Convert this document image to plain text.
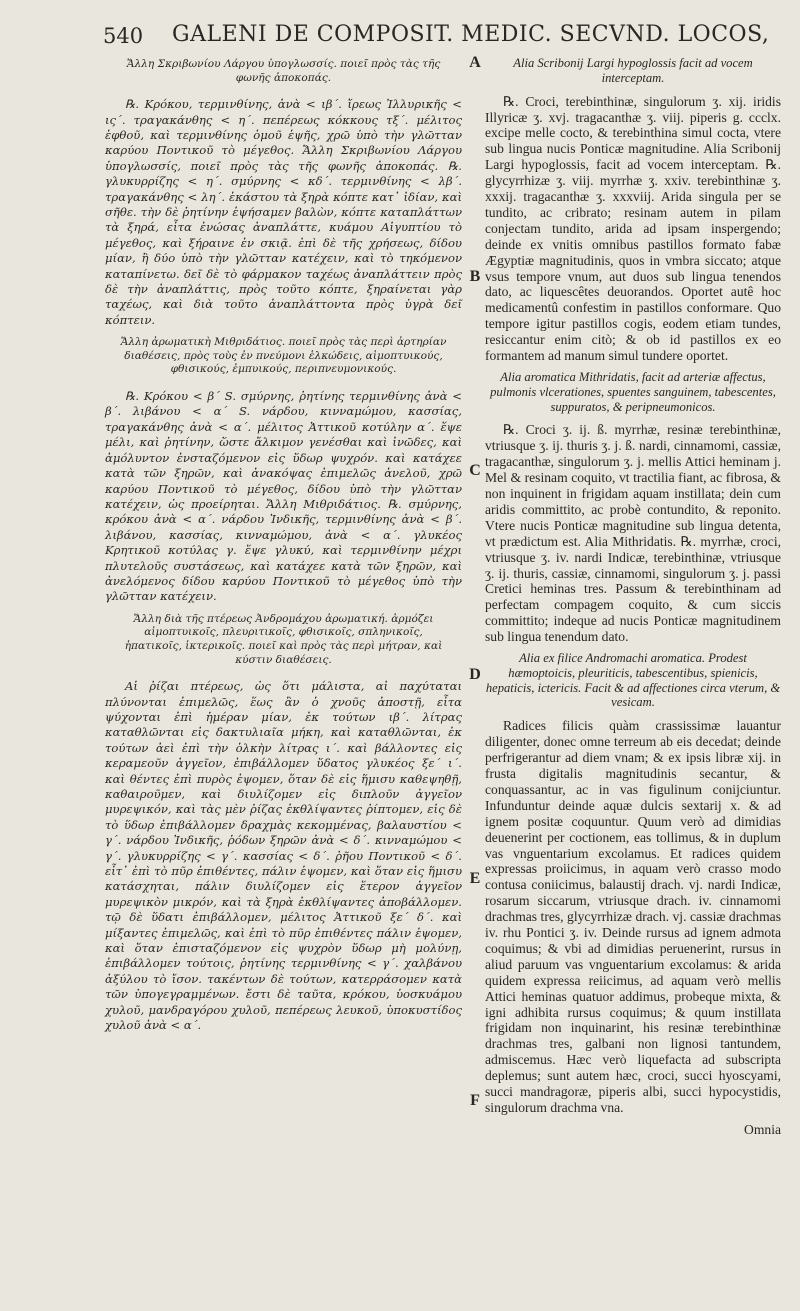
540 GALENI DE COMPOSIT. MEDIC. SECVND. LOCOS,
A
B
C
D
E
F
Ἄλλη Σκριβωνίου Λάργου ὑπογλωσσίς. ποιεῖ πρὸς τὰς τῆς φωνῆς ἀποκοπάς.
℞. Κρόκου, τερμινθίνης, ἀνὰ < ιβ΄. ἴρεως Ἰλλυρικῆς < ις΄. τραγακάνθης < η΄. πεπέρεως κόκκους τξ΄. μέλιτος ἑφθοῦ, καὶ τερμινθίνης ὁμοῦ ἑψῆς, χρῶ ὑπὸ τὴν γλῶτταν καρύου Ποντικοῦ τὸ μέγεθος. Ἄλλη Σκριβωνίου Λάργου ὑπογλωσσίς, ποιεῖ πρὸς τὰς τῆς φωνῆς ἀποκοπάς. ℞. γλυκυρρίζης < η΄. σμύρνης < κδ΄. τερμινθίνης < λβ΄. τραγακάνθης < λη΄. ἑκάστου τὰ ξηρὰ κόπτε κατ᾽ ἰδίαν, καὶ σῆθε. τὴν δὲ ῥητίνην ἑψήσαμεν βαλὼν, κόπτε καταπλάττων τὰ ξηρά, εἶτα ἐνώσας ἀναπλάττε, κυάμου Αἰγυπτίου τὸ μέγεθος, καὶ ξήραινε ἐν σκιᾷ. ἐπὶ δὲ τῆς χρήσεως, δίδου μίαν, ἢ δύο ὑπὸ τὴν γλῶτταν κατέχειν, καὶ τὸ τηκόμενον καταπίνετω. δεῖ δὲ τὸ φάρμακον ταχέως ἀναπλάττειν πρὸς δὲ τὴν ἀναπλάττις, πρὸς τοῦτο κόπτε, ξηραίνεται γὰρ ταχέως, καὶ διὰ τοῦτο ἀναπλάττοντα πρὸς ὑγρὰ δεῖ κόπτειν.
Ἄλλη ἀρωματικὴ Μιθριδάτιος. ποιεῖ πρὸς τὰς περὶ ἀρτηρίαν διαθέσεις, πρὸς τοὺς ἐν πνεύμονι ἑλκώδεις, αἱμοπτυικούς, φθισικούς, ἐμπυικούς, περιπνευμονικούς.
℞. Κρόκου < β΄ S. σμύρνης, ῥητίνης τερμινθίνης ἀνὰ < β΄. λιβάνου < α΄ S. νάρδου, κινναμώμου, κασσίας, τραγακάνθης ἀνὰ < α΄. μέλιτος Ἀττικοῦ κοτύλην α΄. ἕψε μέλι, καὶ ῥητίνην, ὥστε ἄλκιμον γενέσθαι καὶ ἰνῶδες, καὶ ἀμόλυντον ἐνσταζόμενον εἰς ὕδωρ ψυχρόν. καὶ κατάχεε κατὰ τῶν ξηρῶν, καὶ ἀνακόψας ἐπιμελῶς ἀνελοῦ, χρῶ καρύου Ποντικοῦ τὸ μέγεθος, δίδου ὑπὸ τὴν γλῶτταν κατέχειν, ὡς προείρηται. Ἄλλη Μιθριδάτιος. ℞. σμύρνης, κρόκου ἀνὰ < α΄. νάρδου Ἰνδικῆς, τερμινθίνης ἀνὰ < β΄. λιβάνου, κασσίας, κινναμώμου, ἀνὰ < α΄. γλυκέος Κρητικοῦ κοτύλας γ. ἕψε γλυκύ, καὶ τερμινθίνην μέχρι πλυτελοῦς συστάσεως, καὶ κατάχεε κατὰ τῶν ξηρῶν, καὶ ἀνελόμενος δίδου καρύου Ποντικοῦ τὸ μέγεθος ὑπὸ τὴν γλῶτταν κατέχειν.
Ἄλλη διὰ τῆς πτέρεως Ἀνδρομάχου ἀρωματική. ἁρμόζει αἱμοπτυικοῖς, πλευριτικοῖς, φθισικοῖς, σπληνικοῖς, ἡπατικοῖς, ἰκτερικοῖς. ποιεῖ καὶ πρὸς τὰς περὶ μήτραν, καὶ κύστιν διαθέσεις.
Αἱ ῥίζαι πτέρεως, ὡς ὅτι μάλιστα, αἱ παχύταται πλύνονται ἐπιμελῶς, ἕως ἂν ὁ χνοῦς ἀποστῇ, εἶτα ψύχονται ἐπὶ ἡμέραν μίαν, ἐκ τούτων ιβ΄. λίτρας καταθλῶνται εἰς δακτυλιαῖα μήκη, καὶ καταθλῶνται, ἐκ τούτων ἀεὶ ἐπὶ τὴν ὁλκὴν λίτρας ι΄. καὶ βάλλοντες εἰς κεραμεοῦν ἀγγεῖον, ἐπιβάλλομεν ὕδατος γλυκέος ξε΄ ι΄. καὶ θέντες ἐπὶ πυρὸς ἑψομεν, ὅταν δὲ εἰς ἥμισυ καθεψηθῇ, καθαιροῦμεν, καὶ διυλίζομεν εἰς διπλοῦν ἀγγεῖον μυρεψικόν, καὶ τὰς μὲν ῥίζας ἐκθλίψαντες ῥίπτομεν, εἰς δὲ τὸ ὕδωρ ἐπιβάλλομεν δραχμὰς κεκομμένας, βαλαυστίου < γ΄. νάρδου Ἰνδικῆς, ῥόδων ξηρῶν ἀνὰ < δ΄. κινναμώμου < γ΄. γλυκυρρίζης < γ΄. κασσίας < δ΄. ῥῆου Ποντικοῦ < δ΄. εἶτ᾽ ἐπὶ τὸ πῦρ ἐπιθέντες, πάλιν ἑψομεν, καὶ ὅταν εἰς ἥμισυ κατάσχηται, πάλιν διυλίζομεν εἰς ἕτερον ἀγγεῖον μυρεψικὸν μικρόν, καὶ τὰ ξηρὰ ἐκθλίψαντες ἀποβάλλομεν. τῷ δὲ ὕδατι ἐπιβάλλομεν, μέλιτος Ἀττικοῦ ξε΄ δ΄. καὶ μίξαντες ἐπιμελῶς, καὶ ἐπὶ τὸ πῦρ ἐπιθέντες πάλιν ἑψομεν, καὶ ὅταν ἐπισταζόμενον εἰς ψυχρὸν ὕδωρ μὴ μολύνῃ, ἐπιβάλλομεν τούτοις, ῥητίνης τερμινθίνης < γ΄. χαλβάνου ἀξύλου τὸ ἴσον. τακέντων δὲ τούτων, κατερράσομεν κατὰ τῶν ὑπογεγραμμένων. ἔστι δὲ ταῦτα, κρόκου, ὑοσκυάμου χυλοῦ, μανδραγόρου χυλοῦ, πεπέρεως λευκοῦ, ὑποκυστίδος χυλοῦ ἀνὰ < α΄.
Alia Scribonij Largi hypoglossis facit ad vocem interceptam.
℞. Croci, terebinthinæ, singulorum ʒ. xij. iridis Illyricæ ʒ. xvj. tragacanthæ ʒ. viij. piperis g. ccclx. excipe melle cocto, & terebinthina simul cocta, vtere sub lingua nucis Ponticæ magnitudine. Alia Scribonij Largi hypoglossis, facit ad vocem interceptam. ℞. glycyrrhizæ ʒ. viij. myrrhæ ʒ. xxiv. terebinthinæ ʒ. xxxij. tragacanthæ ʒ. xxxviij. Arida singula per se tundito, ac cribrato; resinam autem in pilam conjectam tundito, arida ad ipsam inspergendo; deinde ex vnitis omnibus pastillos formato fabæ Ægyptiæ magnitudinis, quos in vmbra siccato; atque vsus tempore vnum, aut duos sub lingua tenendos dato, ac liquescêtes deuorandos. Oportet autê hoc medicamentû confestim in pastillos conformare. Quo tempore igitur pastillos cogis, eodem etiam tundes, resiccantur enim citò; & ob id pastillos ex eo formantem ad manum simul tundere oportet.
Alia aromatica Mithridatis, facit ad arteriæ affectus, pulmonis vlcerationes, spuentes sanguinem, tabescentes, suppuratos, & peripneumonicos.
℞. Croci ʒ. ij. ß. myrrhæ, resinæ terebinthinæ, vtriusque ʒ. ij. thuris ʒ. j. ß. nardi, cinnamomi, cassiæ, tragacanthæ, singulorum ʒ. j. mellis Attici heminam j. Mel & resinam coquito, vt tractilia fiant, ac fibrosa, & non inquinent in frigidam aquam instillata; dein cum aridis committito, ac probè contundito, & reponito. Vtere nucis Ponticæ magnitudine sub lingua detenta, vt prædictum est. Alia Mithridatis. ℞. myrrhæ, croci, vtriusque ʒ. iv. nardi Indicæ, terebinthinæ, vtriusque ʒ. ij. thuris, cassiæ, cinnamomi, singulorum ʒ. j. passi Cretici heminas tres. Passum & terebinthinam ad perfectam compagem coquito, & cum siccis committito; indeque ad nucis Ponticæ magnitudinem sub lingua tenendum dato.
Alia ex filice Andromachi aromatica. Prodest hæmoptoicis, pleuriticis, tabescentibus, spienicis, hepaticis, ictericis. Facit & ad affectiones circa vterum, & vesicam.
Radices filicis quàm crassissimæ lauantur diligenter, donec omne terreum ab eis decedat; deinde perfrigerantur ad diem vnam; & ex ipsis libræ xij. in frusta digitalis magnitudinis secantur, & conquassantur, ac in vas figulinum conijciuntur. Infunduntur deinde aquæ dulcis sextarij x. & ad ignem positæ coquuntur. Quum verò ad dimidias deuenerint per coctionem, eas tollimus, & in duplum vas vnguentarium excolamus. Et radices quidem expressas proiicimus, in aquam verò crasso modo contusa coniicimus, balaustij drach. vj. nardi Indicæ, rosarum siccarum, vtriusque drach. iv. cinnamomi drachmas tres, glycyrrhizæ drach. vj. cassiæ drachmas iv. rhu Pontici ʒ. iv. Deinde rursus ad ignem admota coquimus; & vbi ad dimidias peruenerint, rursus in aliud paruum vas vnguentarium excolamus: & arida quidem expressa reiicimus, ad aquam verò mellis Attici heminas quatuor addimus, probeque mixta, & igni adhibita rursus coquimus; & quum instillata frigidam non inquinarint, his resinæ terebinthinæ drachmas tres, galbani non lignosi tantundem, admiscemus. Hæc verò liquefacta ad subscripta deplemus; sunt autem hæc, croci, succi hyoscyami, succi mandragoræ, piperis albi, succi hypocystidis, singulorum drachma vna.
Omnia
